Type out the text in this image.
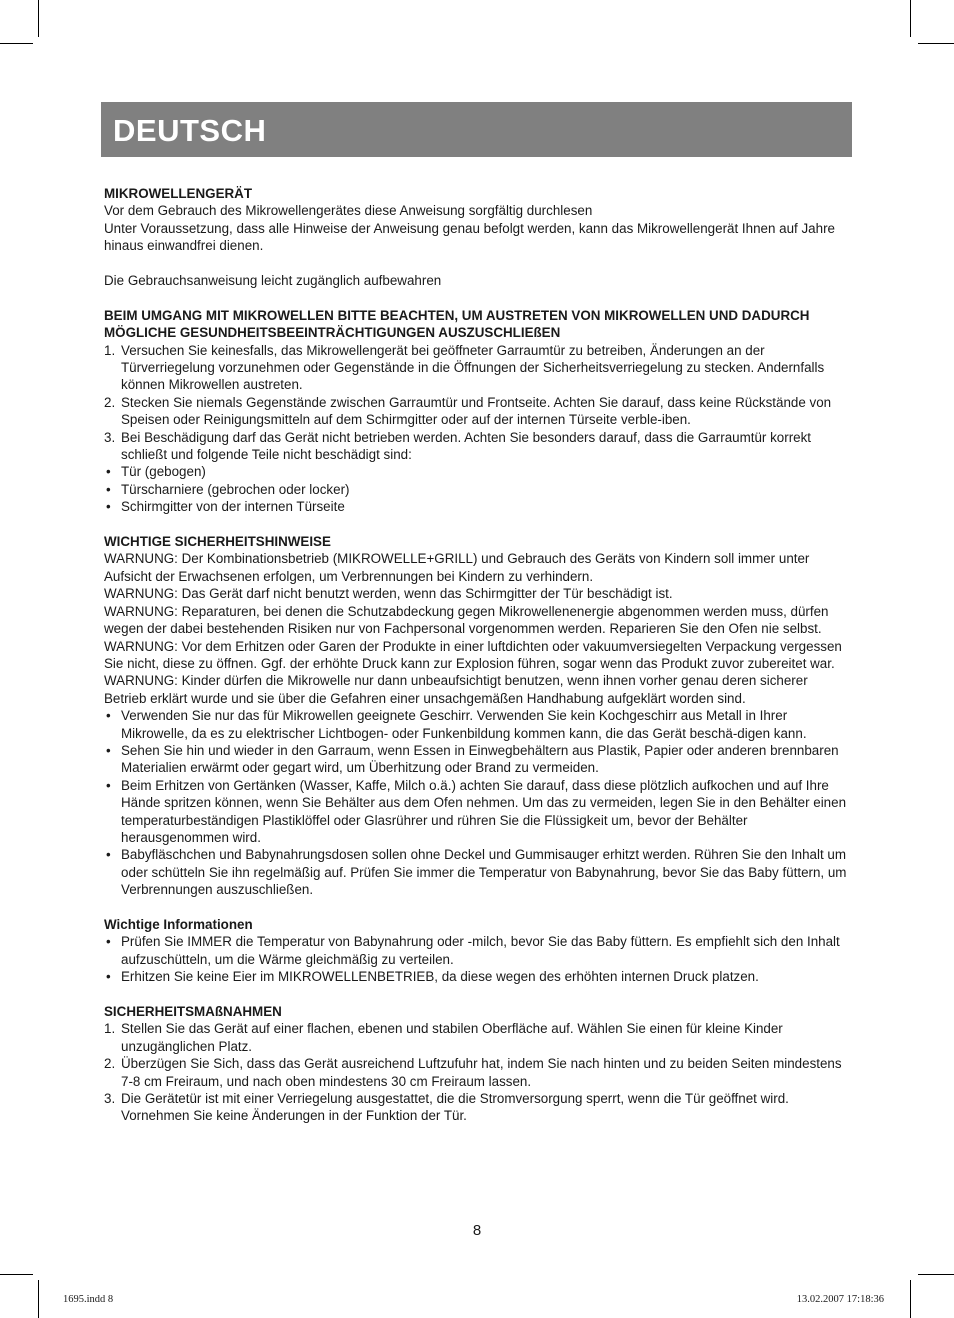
DEUTSCH

MIKROWELLENGERÄT

Vor dem Gebrauch des Mikrowellengerätes diese Anweisung sorgfältig durchlesen

Unter Voraussetzung, dass alle Hinweise der Anweisung genau befolgt werden, kann das Mikrowellengerät Ihnen auf Jahre hinaus einwandfrei dienen.

Die Gebrauchsanweisung leicht zugänglich aufbewahren

BEIM UMGANG MIT MIKROWELLEN BITTE BEACHTEN, UM AUSTRETEN VON MIKROWELLEN UND DADURCH MÖGLICHE GESUNDHEITSBEEINTRÄCHTIGUNGEN AUSZUSCHLIEßEN

1. Versuchen Sie keinesfalls, das Mikrowellengerät bei geöffneter Garraumtür zu betreiben, Änderungen an der Türverriegelung vorzunehmen oder Gegenstände in die Öffnungen der Sicherheitsverriegelung zu stecken. Andernfalls können Mikrowellen austreten.
2. Stecken Sie niemals Gegenstände zwischen Garraumtür und Frontseite. Achten Sie darauf, dass keine Rückstände von Speisen oder Reinigungsmitteln auf dem Schirmgitter oder auf der internen Türseite verble-iben.
3. Bei Beschädigung darf das Gerät nicht betrieben werden. Achten Sie besonders darauf, dass die Garraumtür korrekt schließt und folgende Teile nicht beschädigt sind:
• Tür (gebogen)
• Türscharniere (gebrochen oder locker)
• Schirmgitter von der internen Türseite

WICHTIGE SICHERHEITSHINWEISE

WARNUNG: Der Kombinationsbetrieb (MIKROWELLE+GRILL) und Gebrauch des Geräts von Kindern soll immer unter Aufsicht der Erwachsenen erfolgen, um Verbrennungen bei Kindern zu verhindern.

WARNUNG: Das Gerät darf nicht benutzt werden, wenn das Schirmgitter der Tür beschädigt ist.

WARNUNG: Reparaturen, bei denen die Schutzabdeckung gegen Mikrowellenenergie abgenommen werden muss, dürfen wegen der dabei bestehenden Risiken nur von Fachpersonal vorgenommen werden. Reparieren Sie den Ofen nie selbst.

WARNUNG: Vor dem Erhitzen oder Garen der Produkte in einer luftdichten oder vakuumversiegelten Verpackung vergessen Sie nicht, diese zu öffnen. Ggf. der erhöhte Druck kann zur Explosion führen, sogar wenn das Produkt zuvor zubereitet war.

WARNUNG: Kinder dürfen die Mikrowelle nur dann unbeaufsichtigt benutzen, wenn ihnen vorher genau deren sicherer Betrieb erklärt wurde und sie über die Gefahren einer unsachgemäßen Handhabung aufgeklärt worden sind.

• Verwenden Sie nur das für Mikrowellen geeignete Geschirr. Verwenden Sie kein Kochgeschirr aus Metall in Ihrer Mikrowelle, da es zu elektrischer Lichtbogen- oder Funkenbildung kommen kann, die das Gerät beschä-digen kann.
• Sehen Sie hin und wieder in den Garraum, wenn Essen in Einwegbehältern aus Plastik, Papier oder anderen brennbaren Materialien erwärmt oder gegart wird, um Überhitzung oder Brand zu vermeiden.
• Beim Erhitzen von Gertänken (Wasser, Kaffe, Milch o.ä.) achten Sie darauf, dass diese plötzlich aufkochen und auf Ihre Hände spritzen können, wenn Sie Behälter aus dem Ofen nehmen. Um das zu vermeiden, legen Sie in den Behälter einen temperaturbeständigen Plastiklöffel oder Glasrührer und rühren Sie die Flüssigkeit um, bevor der Behälter herausgenommen wird.
• Babyfläschchen und Babynahrungsdosen sollen ohne Deckel und Gummisauger erhitzt werden. Rühren Sie den Inhalt um oder schütteln Sie ihn regelmäßig auf. Prüfen Sie immer die Temperatur von Babynahrung, bevor Sie das Baby füttern, um Verbrennungen auszuschließen.

Wichtige Informationen

• Prüfen Sie IMMER die Temperatur von Babynahrung oder -milch, bevor Sie das Baby füttern. Es empfiehlt sich den Inhalt aufzuschütteln, um die Wärme gleichmäßig zu verteilen.
• Erhitzen Sie keine Eier im MIKROWELLENBETRIEB, da diese wegen des erhöhten internen Druck platzen.

SICHERHEITSMAßNAHMEN

1. Stellen Sie das Gerät auf einer flachen, ebenen und stabilen Oberfläche auf. Wählen Sie einen für kleine Kinder unzugänglichen Platz.
2. Überzügen Sie Sich, dass das Gerät ausreichend Luftzufuhr hat, indem Sie nach hinten und zu beiden Seiten mindestens 7-8 cm Freiraum, und nach oben mindestens 30 cm Freiraum lassen.
3. Die Gerätetür ist mit einer Verriegelung ausgestattet, die die Stromversorgung sperrt, wenn die Tür geöffnet wird. Vornehmen Sie keine Änderungen in der Funktion der Tür.
8
1695.indd 8	13.02.2007 17:18:36
